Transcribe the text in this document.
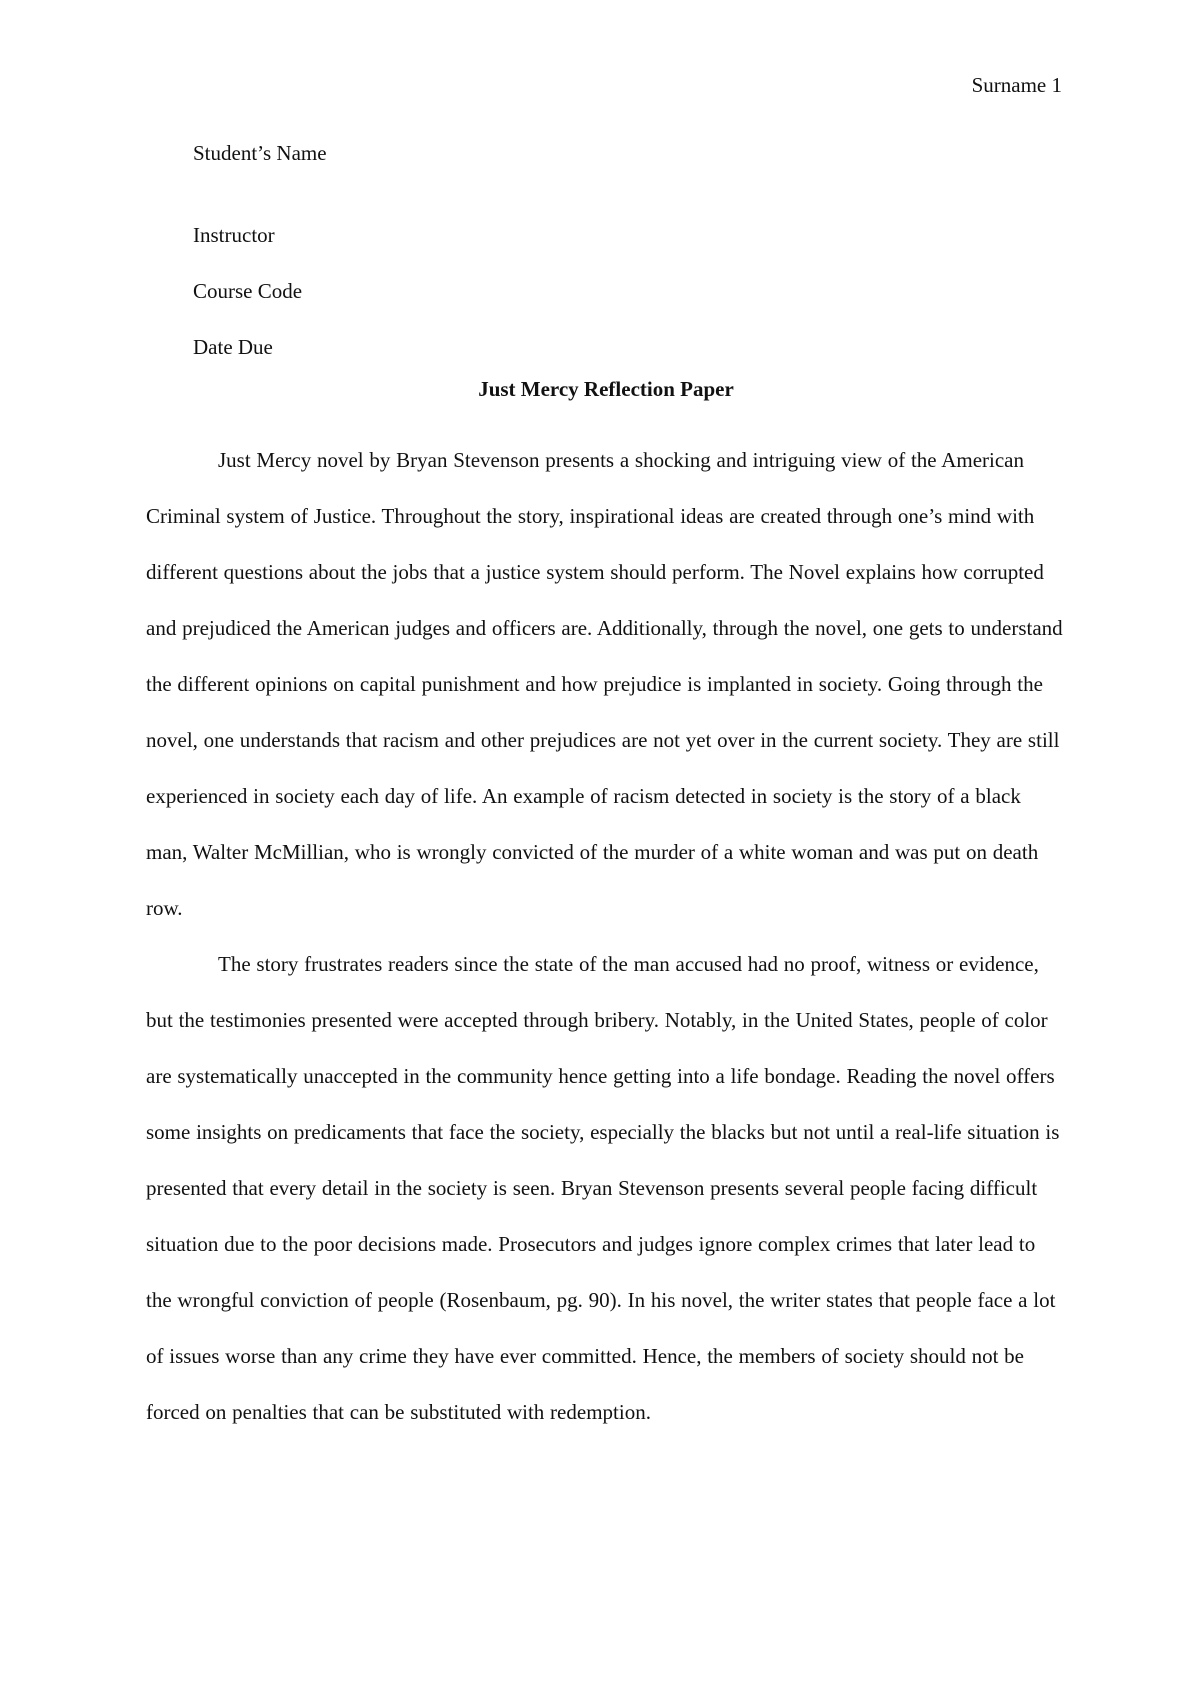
Surname 1
Student’s Name
Instructor
Course Code
Date Due
Just Mercy Reflection Paper

Just Mercy novel by Bryan Stevenson presents a shocking and intriguing view of the American Criminal system of Justice. Throughout the story, inspirational ideas are created through one’s mind with different questions about the jobs that a justice system should perform. The Novel explains how corrupted and prejudiced the American judges and officers are. Additionally, through the novel, one gets to understand the different opinions on capital punishment and how prejudice is implanted in society. Going through the novel, one understands that racism and other prejudices are not yet over in the current society. They are still experienced in society each day of life. An example of racism detected in society is the story of a black man, Walter McMillian, who is wrongly convicted of the murder of a white woman and was put on death row.

The story frustrates readers since the state of the man accused had no proof, witness or evidence, but the testimonies presented were accepted through bribery. Notably, in the United States, people of color are systematically unaccepted in the community hence getting into a life bondage. Reading the novel offers some insights on predicaments that face the society, especially the blacks but not until a real-life situation is presented that every detail in the society is seen. Bryan Stevenson presents several people facing difficult situation due to the poor decisions made. Prosecutors and judges ignore complex crimes that later lead to the wrongful conviction of people (Rosenbaum, pg. 90). In his novel, the writer states that people face a lot of issues worse than any crime they have ever committed. Hence, the members of society should not be forced on penalties that can be substituted with redemption.
